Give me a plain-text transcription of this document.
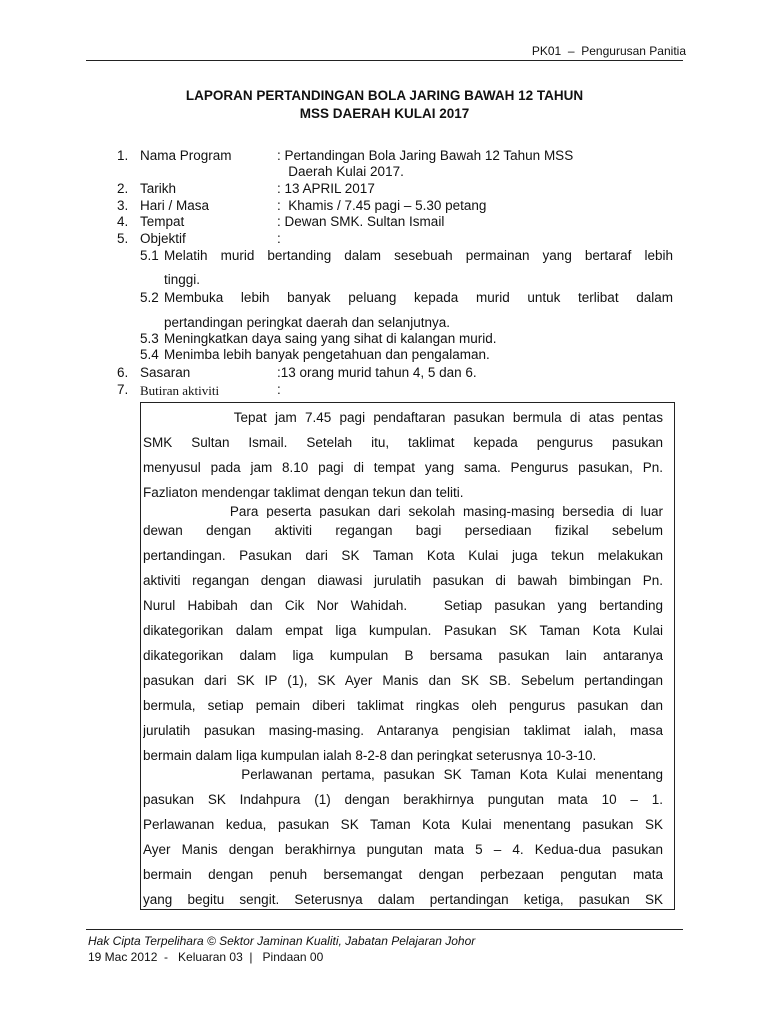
PK01 – Pengurusan Panitia
LAPORAN PERTANDINGAN BOLA JARING BAWAH 12 TAHUN
MSS DAERAH KULAI 2017
1. Nama Program	: Pertandingan Bola Jaring Bawah 12 Tahun MSS
Daerah Kulai 2017.
2. Tarikh	: 13 APRIL 2017
3. Hari / Masa	:  Khamis / 7.45 pagi – 5.30 petang
4. Tempat	: Dewan SMK. Sultan Ismail
5. Objektif	:
5.1 Melatih murid bertanding dalam sesebuah permainan yang bertaraf lebih
tinggi.
5.2 Membuka lebih banyak peluang kepada murid untuk terlibat dalam
pertandingan peringkat daerah dan selanjutnya.
5.3 Meningkatkan daya saing yang sihat di kalangan murid.
5.4 Menimba lebih banyak pengetahuan dan pengalaman.
6. Sasaran	:13 orang murid tahun 4, 5 dan 6.
7. Butiran aktiviti	:
Tepat jam 7.45 pagi pendaftaran pasukan bermula di atas pentas
SMK Sultan Ismail. Setelah itu, taklimat kepada pengurus pasukan
menyusul pada jam 8.10 pagi di tempat yang sama. Pengurus pasukan, Pn.
Fazliaton mendengar taklimat dengan tekun dan teliti.
Para peserta pasukan dari sekolah masing-masing bersedia di luar
dewan dengan aktiviti regangan bagi persediaan fizikal sebelum
pertandingan. Pasukan dari SK Taman Kota Kulai juga tekun melakukan
aktiviti regangan dengan diawasi jurulatih pasukan di bawah bimbingan Pn.
Nurul Habibah dan Cik Nor Wahidah.   Setiap pasukan yang bertanding
dikategorikan dalam empat liga kumpulan. Pasukan SK Taman Kota Kulai
dikategorikan dalam liga kumpulan B bersama pasukan lain antaranya
pasukan dari SK IP (1), SK Ayer Manis dan SK SB. Sebelum pertandingan
bermula, setiap pemain diberi taklimat ringkas oleh pengurus pasukan dan
jurulatih pasukan masing-masing. Antaranya pengisian taklimat ialah, masa
bermain dalam liga kumpulan ialah 8-2-8 dan peringkat seterusnya 10-3-10.
Perlawanan pertama, pasukan SK Taman Kota Kulai menentang
pasukan SK Indahpura (1) dengan berakhirnya pungutan mata 10 – 1.
Perlawanan kedua, pasukan SK Taman Kota Kulai menentang pasukan SK
Ayer Manis dengan berakhirnya pungutan mata 5 – 4. Kedua-dua pasukan
bermain dengan penuh bersemangat dengan perbezaan pengutan mata
yang begitu sengit. Seterusnya dalam pertandingan ketiga, pasukan SK
Hak Cipta Terpelihara © Sektor Jaminan Kualiti, Jabatan Pelajaran Johor
19 Mac 2012  -   Keluaran 03  |   Pindaan 00
